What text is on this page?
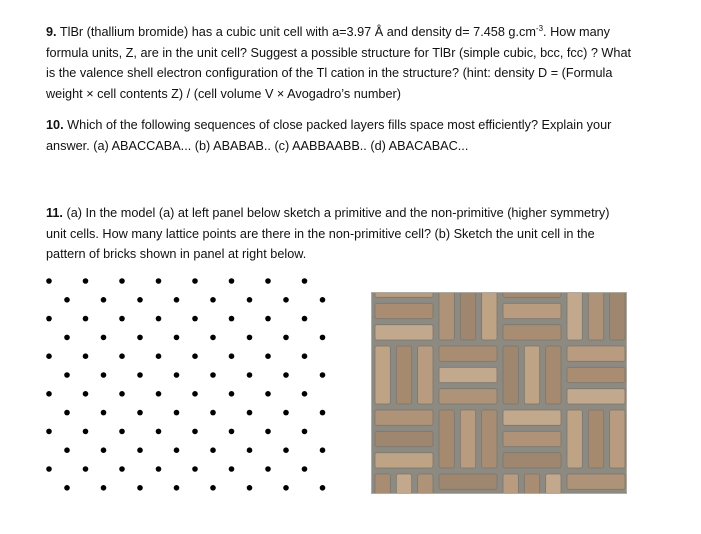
9. TlBr (thallium bromide) has a cubic unit cell with a=3.97 Å and density d= 7.458 $g.cm^{-3}$. How many
formula units, Z, are in the unit cell? Suggest a possible structure for TlBr (simple cubic, bcc, fcc) ? What
is the valence shell electron configuration of the Tl cation in the structure? (hint: density D = (Formula
weight × cell contents Z) / (cell volume V × Avogadro’s number)
10. Which of the following sequences of close packed layers fills space most efficiently? Explain your
answer. (a) ABACCABA... (b) ABABAB.. (c) AABBAABB.. (d) ABACABAC...
11. (a) In the model (a) at left panel below sketch a primitive and the non-primitive (higher symmetry)
unit cells. How many lattice points are there in the non-primitive cell? (b) Sketch the unit cell in the
pattern of bricks shown in panel at right below.
